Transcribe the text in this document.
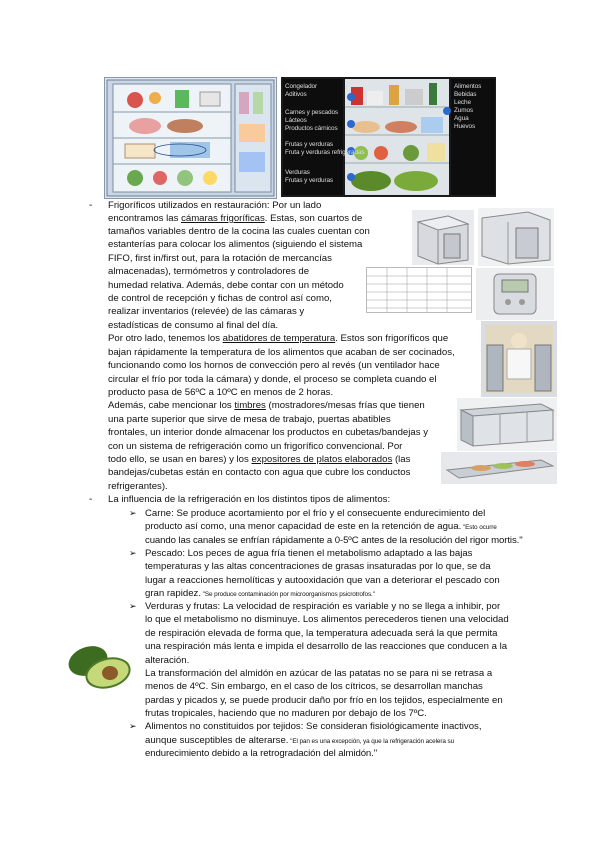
Congelador
Aditivos
Carnes y pescados
Lácteos
Productos cárnicos
Frutas y verduras
Fruta y verduras refrigeradas
Verduras
Frutas y verduras
Alimentos
Bebidas
Leche
Zumos
Agua
Huevos
- Frigoríficos utilizados en restauración: Por un lado
encontramos las cámaras frigoríficas. Estas, son cuartos de
tamaños variables dentro de la cocina las cuales cuentan con
estanterías para colocar los alimentos (siguiendo el sistema
FIFO, first in/first out, para la rotación de mercancías
almacenadas), termómetros y controladores de
humedad relativa. Además, debe contar con un método
de control de recepción y fichas de control así como,
realizar inventarios (relevée) de las cámaras y
estadísticas de consumo al final del día.
Por otro lado, tenemos los abatidores de temperatura. Estos son frigoríficos que
bajan rápidamente la temperatura de los alimentos que acaban de ser cocinados,
funcionando como los hornos de convección pero al revés (un ventilador hace
circular el frío por toda la cámara) y donde, el proceso se completa cuando el
producto pasa de 56ºC a 10ºC en menos de 2 horas.
Además, cabe mencionar los timbres (mostradores/mesas frías que tienen
una parte superior que sirve de mesa de trabajo, puertas abatibles
frontales, un interior donde almacenar los productos en cubetas/bandejas y
con un sistema de refrigeración como un frigorífico convencional. Por
todo ello, se usan en bares) y los expositores de platos elaborados (las
bandejas/cubetas están en contacto con agua que cubre los conductos
refrigerantes).
- La influencia de la refrigeración en los distintos tipos de alimentos:
➢ Carne: Se produce acortamiento por el frío y el consecuente endurecimiento del
producto así como, una menor capacidad de este en la retención de agua. "Esto ocurre
cuando las canales se enfrían rápidamente a 0-5ºC antes de la resolución del rigor mortis."
➢ Pescado: Los peces de agua fría tienen el metabolismo adaptado a las bajas
temperaturas y las altas concentraciones de grasas insaturadas por lo que, se da
lugar a reacciones hemolíticas y autooxidación que van a deteriorar el pescado con
gran rapidez. "Se produce contaminación por microorganismos psicrotrofos."
➢ Verduras y frutas: La velocidad de respiración es variable y no se llega a inhibir, por
lo que el metabolismo no disminuye. Los alimentos perecederos tienen una velocidad
de respiración elevada de forma que, la temperatura adecuada será la que permita
una respiración más lenta e impida el desarrollo de las reacciones que conducen a la
alteración.
La transformación del almidón en azúcar de las patatas no se para ni se retrasa a
menos de 4ºC. Sin embargo, en el caso de los cítricos, se desarrollan manchas
pardas y picados y, se puede producir daño por frío en los tejidos, especialmente en
frutas tropicales, haciendo que no maduren por debajo de los 7ºC.
➢ Alimentos no constituidos por tejidos: Se consideran fisiológicamente inactivos,
aunque susceptibles de alterarse. "El pan es una excepción, ya que la refrigeración acelera su
endurecimiento debido a la retrogradación del almidón."
